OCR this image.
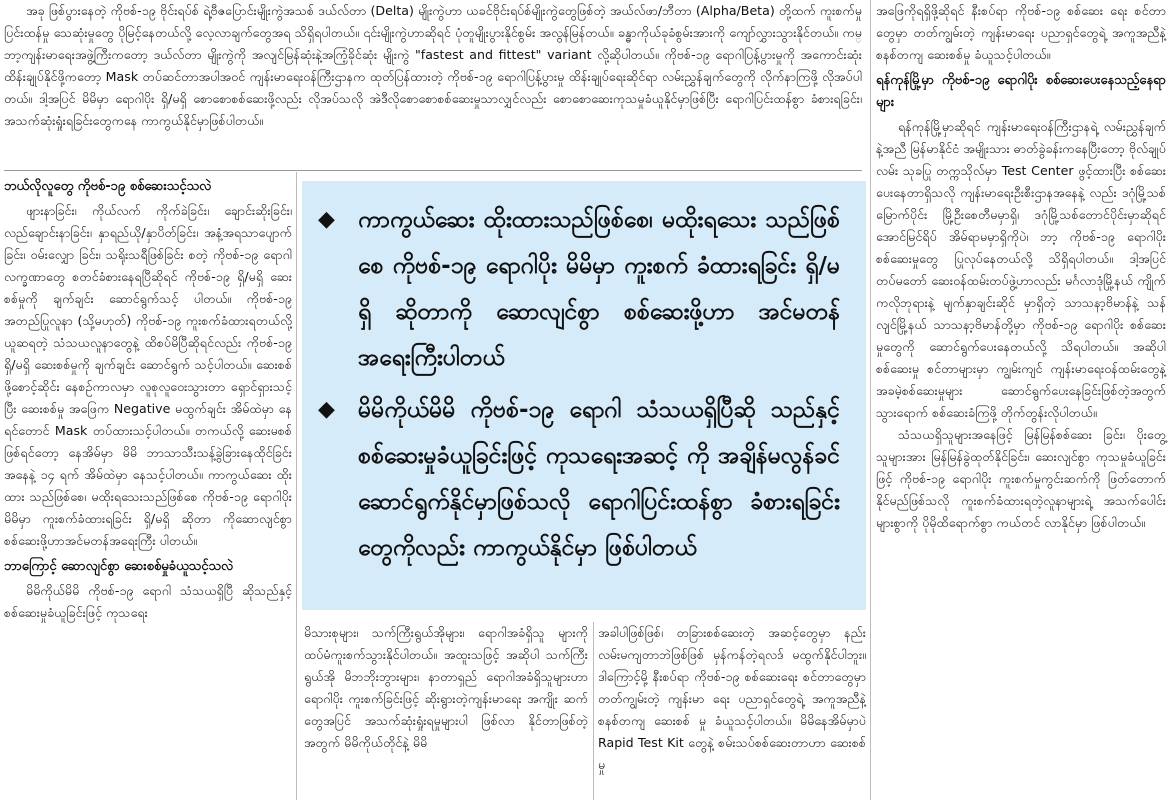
အခု ဖြစ်ပွားနေတဲ့ ကိုဗစ်-၁၉ ဗိုင်းရပ်စ် ရဲ့ဗီဇပြောင်းမျိုးကွဲအသစ် ဒယ်လ်တာ (Delta) မျိုးကွဲဟာ ယခင်ဗိုင်းရပ်စ်မျိုးကွဲတွေဖြစ်တဲ့ အယ်လ်ဖာ/ဘီတာ (Alpha/Beta) တို့ထက် ကူးစက်မှု ပြင်းထန်မှု သေဆုံးမှုတွေ ပိုမြင့်နေတယ်လို့ လေ့လာချက်တွေအရ သိရှိရပါတယ်။ ၎င်းမျိုးကွဲဟာဆိုရင် ပုံတူမျိုးပွားနိုင်စွမ်း အလွန်မြန်တယ်။ ခန္ဓာကိုယ်ခုခံစွမ်းအားကို ကျော်လွှားသွားနိုင်တယ်။ ကမ္ဘာ့ကျန်းမာရေးအဖွဲ့ကြီးကတော့ ဒယ်လ်တာ မျိုးကွဲကို အလျင်မြန်ဆုံးနဲ့အကြံ့ခိုင်ဆုံး မျိုးကွဲ "fastest and fittest" variant လို့ဆိုပါတယ်။ ကိုဗစ်-၁၉ ရောဂါပြန့်ပွားမှုကို အကောင်းဆုံးထိန်းချုပ်နိုင်ဖို့ကတော့ Mask တပ်ဆင်တာအပါအဝင် ကျန်းမာရေးဝန်ကြီးဌာနက ထုတ်ပြန်ထားတဲ့ ကိုဗစ်-၁၉ ရောဂါပြန့်ပွားမှု ထိန်းချုပ်ရေးဆိုင်ရာ လမ်းညွှန်ချက်တွေကို လိုက်နာကြဖို့ လိုအပ်ပါတယ်။ ဒါ့အပြင် မိမိမှာ ရောဂါပိုး ရှိ/မရှိ စောစောစစ်ဆေးဖို့လည်း လိုအပ်သလို အဲဒီလိုစောစောစစ်ဆေးမှုသာလျှင်လည်း စောစောဆေးကုသမှုခံယူနိုင်မှာဖြစ်ပြီး ရောဂါပြင်းထန်စွာ ခံစားရခြင်း၊ အသက်ဆုံးရှုံးရခြင်းတွေကနေ ကာကွယ်နိုင်မှာဖြစ်ပါတယ်။

ဘယ်လိုလူတွေ ကိုဗစ်-၁၉ စစ်ဆေးသင့်သလဲ

ဖျားနာခြင်း၊ ကိုယ်လက် ကိုက်ခဲခြင်း၊ ချောင်းဆိုးခြင်း၊ လည်ချောင်းနာခြင်း၊ နှာရည်ယို/နှာပိတ်ခြင်း၊ အနံ့အရသာပျောက်ခြင်း၊ ဝမ်းလျှော ခြင်း၊ သရိုးသရီဖြစ်ခြင်း စတဲ့ ကိုဗစ်-၁၉ ရောဂါ လက္ခဏာတွေ စတင်ခံစားနေရပြီဆိုရင် ကိုဗစ်-၁၉ ရှိ/မရှိ ဆေးစစ်မှုကို ချက်ချင်း ဆောင်ရွက်သင့် ပါတယ်။ ကိုဗစ်-၁၉ အတည်ပြုလူနာ (သို့မဟုတ်) ကိုဗစ်-၁၉ ကူးစက်ခံထားရတယ်လို့ ယူဆရတဲ့ သံသယလူနာတွေနဲ့ ထိစပ်မိပြီဆိုရင်လည်း ကိုဗစ်-၁၉ ရှိ/မရှိ ဆေးစစ်မှုကို ချက်ချင်း ဆောင်ရွက် သင့်ပါတယ်။ ဆေးစစ်ဖို့စောင့်ဆိုင်း နေစဉ်ကာလမှာ လူစုလူဝေးသွားတာ ရှောင်ရှားသင့်ပြီး ဆေးစစ်မှု အဖြေက Negative မထွက်ချင်း အိမ်ထဲမှာ နေရင်တောင် Mask တပ်ထားသင့်ပါတယ်။ တကယ်လို့ ဆေးမစစ်ဖြစ်ရင်တော့ နေအိမ်မှာ မိမိ ဘာသာသီးသန့်ခွဲခြားနေထိုင်ခြင်း အနေနဲ့ ၁၄ ရက် အိမ်ထဲမှာ နေသင့်ပါတယ်။ ကာကွယ်ဆေး ထိုးထား သည်ဖြစ်စေ၊ မထိုးရသေးသည်ဖြစ်စေ ကိုဗစ်-၁၉ ရောဂါပိုး မိမိမှာ ကူးစက်ခံထားရခြင်း ရှိ/မရှိ ဆိုတာ ကိုဆောလျင်စွာစစ်ဆေးဖို့ဟာအင်မတန်အရေးကြီး ပါတယ်။

ဘာကြောင့် ဆောလျင်စွာ ဆေးစစ်မှုခံယူသင့်သလဲ

မိမိကိုယ်မိမိ ကိုဗစ်-၁၉ ရောဂါ သံသယရှိပြီ ဆိုသည်နှင့် စစ်ဆေးမှုခံယူခြင်းဖြင့် ကုသရေး

◆	ကာကွယ်ဆေး ထိုးထားသည်ဖြစ်စေ၊ မထိုးရသေး သည်ဖြစ်စေ ကိုဗစ်-၁၉ ရောဂါပိုး မိမိမှာ ကူးစက် ခံထားရခြင်း ရှိ/မရှိ ဆိုတာကို ဆောလျင်စွာ စစ်ဆေးဖို့ဟာ အင်မတန်အရေးကြီးပါတယ်
◆	မိမိကိုယ်မိမိ ကိုဗစ်-၁၉ ရောဂါ သံသယရှိပြီဆို သည်နှင့် စစ်ဆေးမှုခံယူခြင်းဖြင့် ကုသရေးအဆင့် ကို အချိန်မလွန်ခင် ဆောင်ရွက်နိုင်မှာဖြစ်သလို ရောဂါပြင်းထန်စွာ ခံစားရခြင်းတွေကိုလည်း ကာကွယ်နိုင်မှာ ဖြစ်ပါတယ်

မိသားစုများ၊ သက်ကြီးရွယ်အိုများ၊ ရောဂါအခံရှိသူ များကို ထပ်မံကူးစက်သွားနိုင်ပါတယ်။ အထူးသဖြင့် အဆိုပါ သက်ကြီးရွယ်အို မိဘဘိုးဘွားများ၊ နာတာရှည် ရောဂါအခံရှိသူများဟာ ရောဂါပိုး ကူးစက်ခြင်းဖြင့် ဆိုးရွားတဲ့ကျန်းမာရေး အကျိုး ဆက်တွေအပြင် အသက်ဆုံးရှုံးရမှုများပါ ဖြစ်လာ နိုင်တာဖြစ်တဲ့အတွက် မိမိကိုယ်တိုင်နဲ့ မိမိ

အခါပါဖြစ်ဖြစ်၊ တခြားစစ်ဆေးတဲ့ အဆင့်တွေမှာ နည်းလမ်းမကျတာဘဲဖြစ်ဖြစ် မှန်ကန်တဲ့ရလဒ် မထွက်နိုင်ပါဘူး။ ဒါကြောင့်မို့ နီးစပ်ရာ ကိုဗစ်-၁၉ စစ်ဆေးရေး စင်တာတွေမှာ တတ်ကျွမ်းတဲ့ ကျန်းမာ ရေး ပညာရှင်တွေရဲ့ အကူအညီနဲ့ စနစ်တကျ ဆေးစစ် မှု ခံယူသင့်ပါတယ်။ မိမိနေအိမ်မှာပဲ Rapid Test Kit တွေနဲ့ စမ်းသပ်စစ်ဆေးတာဟာ ဆေးစစ်မှု

အဖြေကိုရရှိဖို့ဆိုရင် နီးစပ်ရာ ကိုဗစ်-၁၉ စစ်ဆေး ရေး စင်တာတွေမှာ တတ်ကျွမ်းတဲ့ ကျန်းမာရေး ပညာရှင်တွေရဲ့ အကူအညီနဲ့ စနစ်တကျ ဆေးစစ်မှု ခံယူသင့်ပါတယ်။

ရန်ကုန်မြို့မှာ ကိုဗစ်-၁၉ ရောဂါပိုး စစ်ဆေးပေးနေသည့်နေရာများ

ရန်ကုန်မြို့မှာဆိုရင် ကျန်းမာရေးဝန်ကြီးဌာနရဲ့ လမ်းညွှန်ချက်နဲ့အညီ မြန်မာနိုင်ငံ အမျိုးသား ဓာတ်ခွဲခန်းကနေပြီးတော့ ဗိုလ်ချုပ်လမ်း သုခပြု တက္ကသိုလ်မှာ Test Center ဖွင့်ထားပြီး စစ်ဆေး ပေးနေတာရှိသလို ကျန်းမာရေးဦးစီးဌာနအနေနဲ့ လည်း ဒဂုံမြို့သစ်မြောက်ပိုင်း မြို့ဦးစေတီမမှာရှိ၊ ဒဂုံမြို့သစ်တောင်ပိုင်းမှာဆိုရင် အောင်မြင်ရိပ် အိမ်ရာမမှာရှိကိုပဲ၊ ဘာ့ ကိုဗစ်-၁၉ ရောဂါပိုး စစ်ဆေးမှုတွေ ပြုလုပ်နေတယ်လို့ သိရှိရပါတယ်။ ဒါ့အပြင် တပ်မတော် ဆေးဝန်ထမ်းတပ်ဖွဲ့ဟာလည်း မင်္ဂလာဒုံမြို့နယ် ကျိုက်ကလိုဘုရားနဲ့ မျက်နှာချင်းဆိုင် မှာရှိတဲ့ သာသနာ့ဗိမာန်နဲ့ သန်လျင်မြို့နယ် သာသနာ့ဗိမာန်တို့မှာ ကိုဗစ်-၁၉ ရောဂါပိုး စစ်ဆေး မှုတွေကို ဆောင်ရွက်ပေးနေတယ်လို့ သိရပါတယ်။ အဆိုပါစစ်ဆေးမှု စင်တာများမှာ ကျွမ်းကျင် ကျန်းမာရေးဝန်ထမ်းတွေနဲ့ အခမဲ့စစ်ဆေးမှုများ ဆောင်ရွက်ပေးနေခြင်းဖြစ်တဲ့အတွက် သွားရောက် စစ်ဆေးခံကြဖို့ တိုက်တွန်းလိုပါတယ်။

သံသယရှိသူများအနေဖြင့် မြန်မြန်စစ်ဆေး ခြင်း၊ ပိုးတွေ့သူများအား မြန်မြန်ခွဲထုတ်နိုင်ခြင်း၊ ဆေးလျင်စွာ ကုသမှုခံယူခြင်းဖြင့် ကိုဗစ်-၁၉ ရောဂါပိုး ကူးစက်မှုကွင်းဆက်ကို ဖြတ်တောက် နိုင်မည်ဖြစ်သလို ကူးစက်ခံထားရတဲ့လူနာများရဲ့ အသက်ပေါင်းများစွာကို ပိုမိုထိရောက်စွာ ကယ်တင် လာနိုင်မှာ ဖြစ်ပါတယ်။
